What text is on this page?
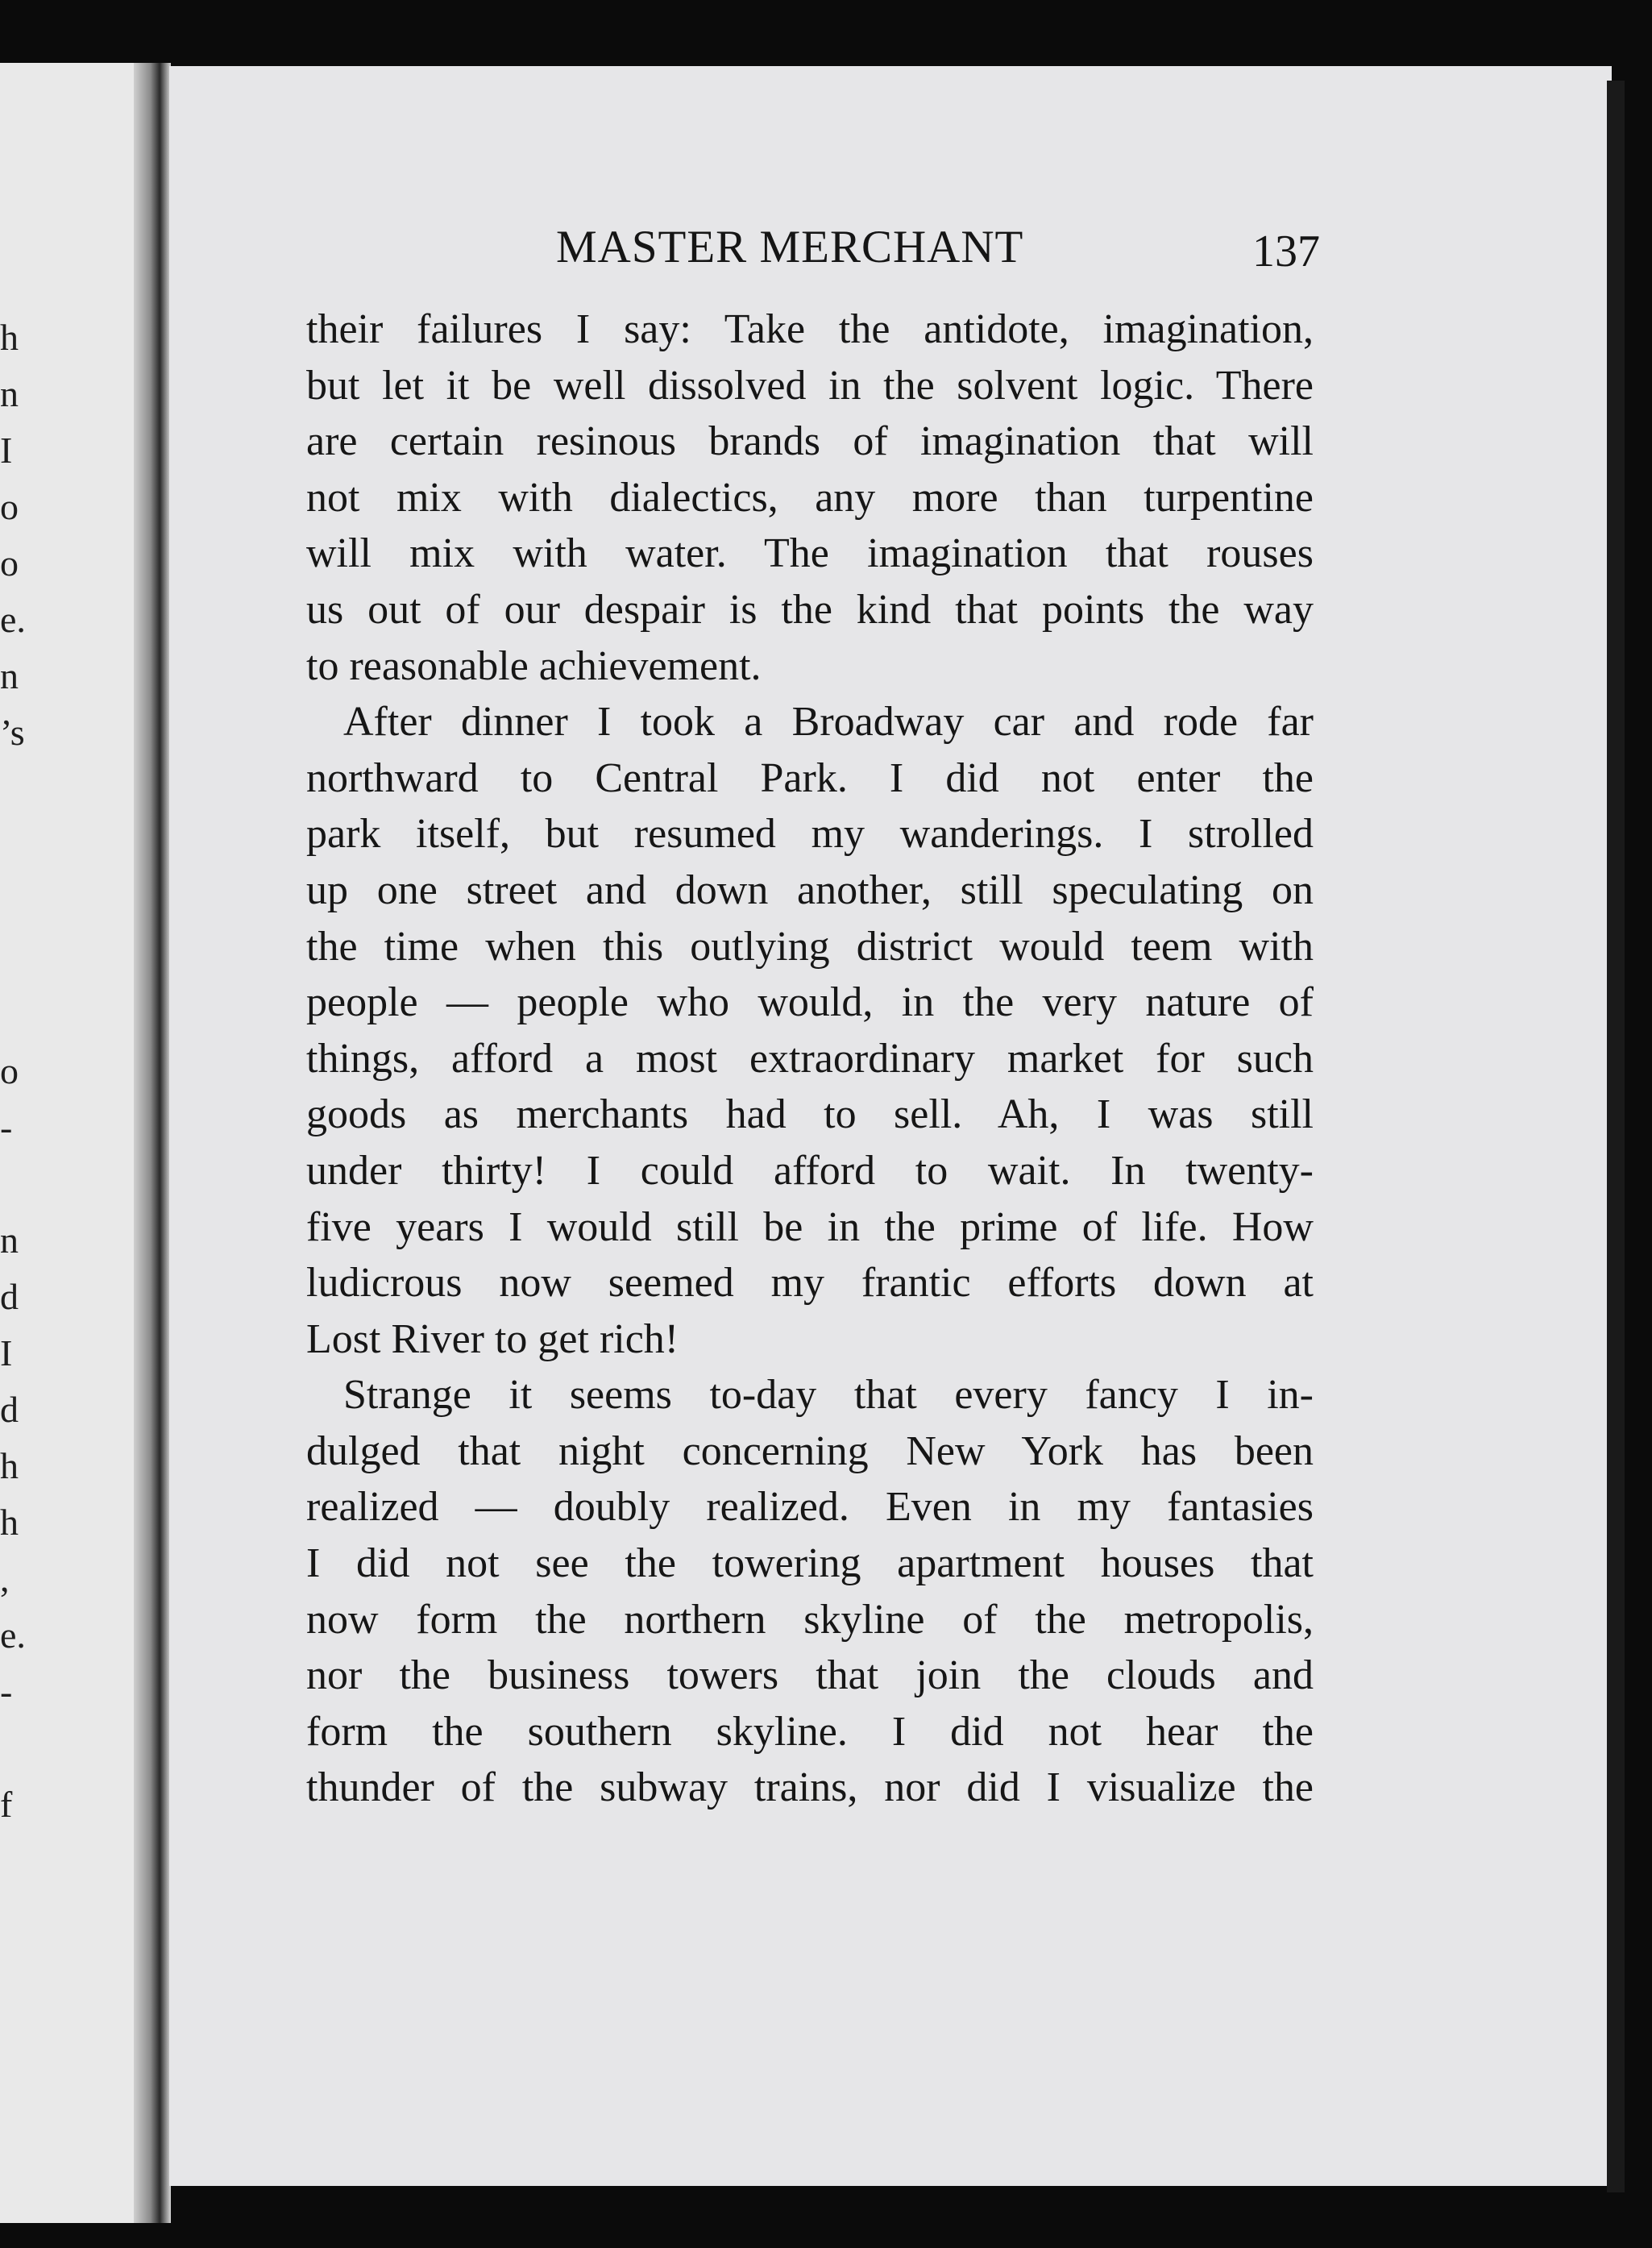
h
n
I
o
o
e.
n
’s
o
-
n
d
I
d
h
h
,
e.
-
f
MASTER MERCHANT	137
their failures I say: Take the antidote, imagination,
but let it be well dissolved in the solvent logic. There
are certain resinous brands of imagination that will
not mix with dialectics, any more than turpentine
will mix with water. The imagination that rouses
us out of our despair is the kind that points the way
to reasonable achievement.
After dinner I took a Broadway car and rode far
northward to Central Park. I did not enter the
park itself, but resumed my wanderings. I strolled
up one street and down another, still speculating on
the time when this outlying district would teem with
people — people who would, in the very nature of
things, afford a most extraordinary market for such
goods as merchants had to sell. Ah, I was still
under thirty! I could afford to wait. In twenty-
five years I would still be in the prime of life. How
ludicrous now seemed my frantic efforts down at
Lost River to get rich!
Strange it seems to-day that every fancy I in-
dulged that night concerning New York has been
realized — doubly realized. Even in my fantasies
I did not see the towering apartment houses that
now form the northern skyline of the metropolis,
nor the business towers that join the clouds and
form the southern skyline. I did not hear the
thunder of the subway trains, nor did I visualize the
